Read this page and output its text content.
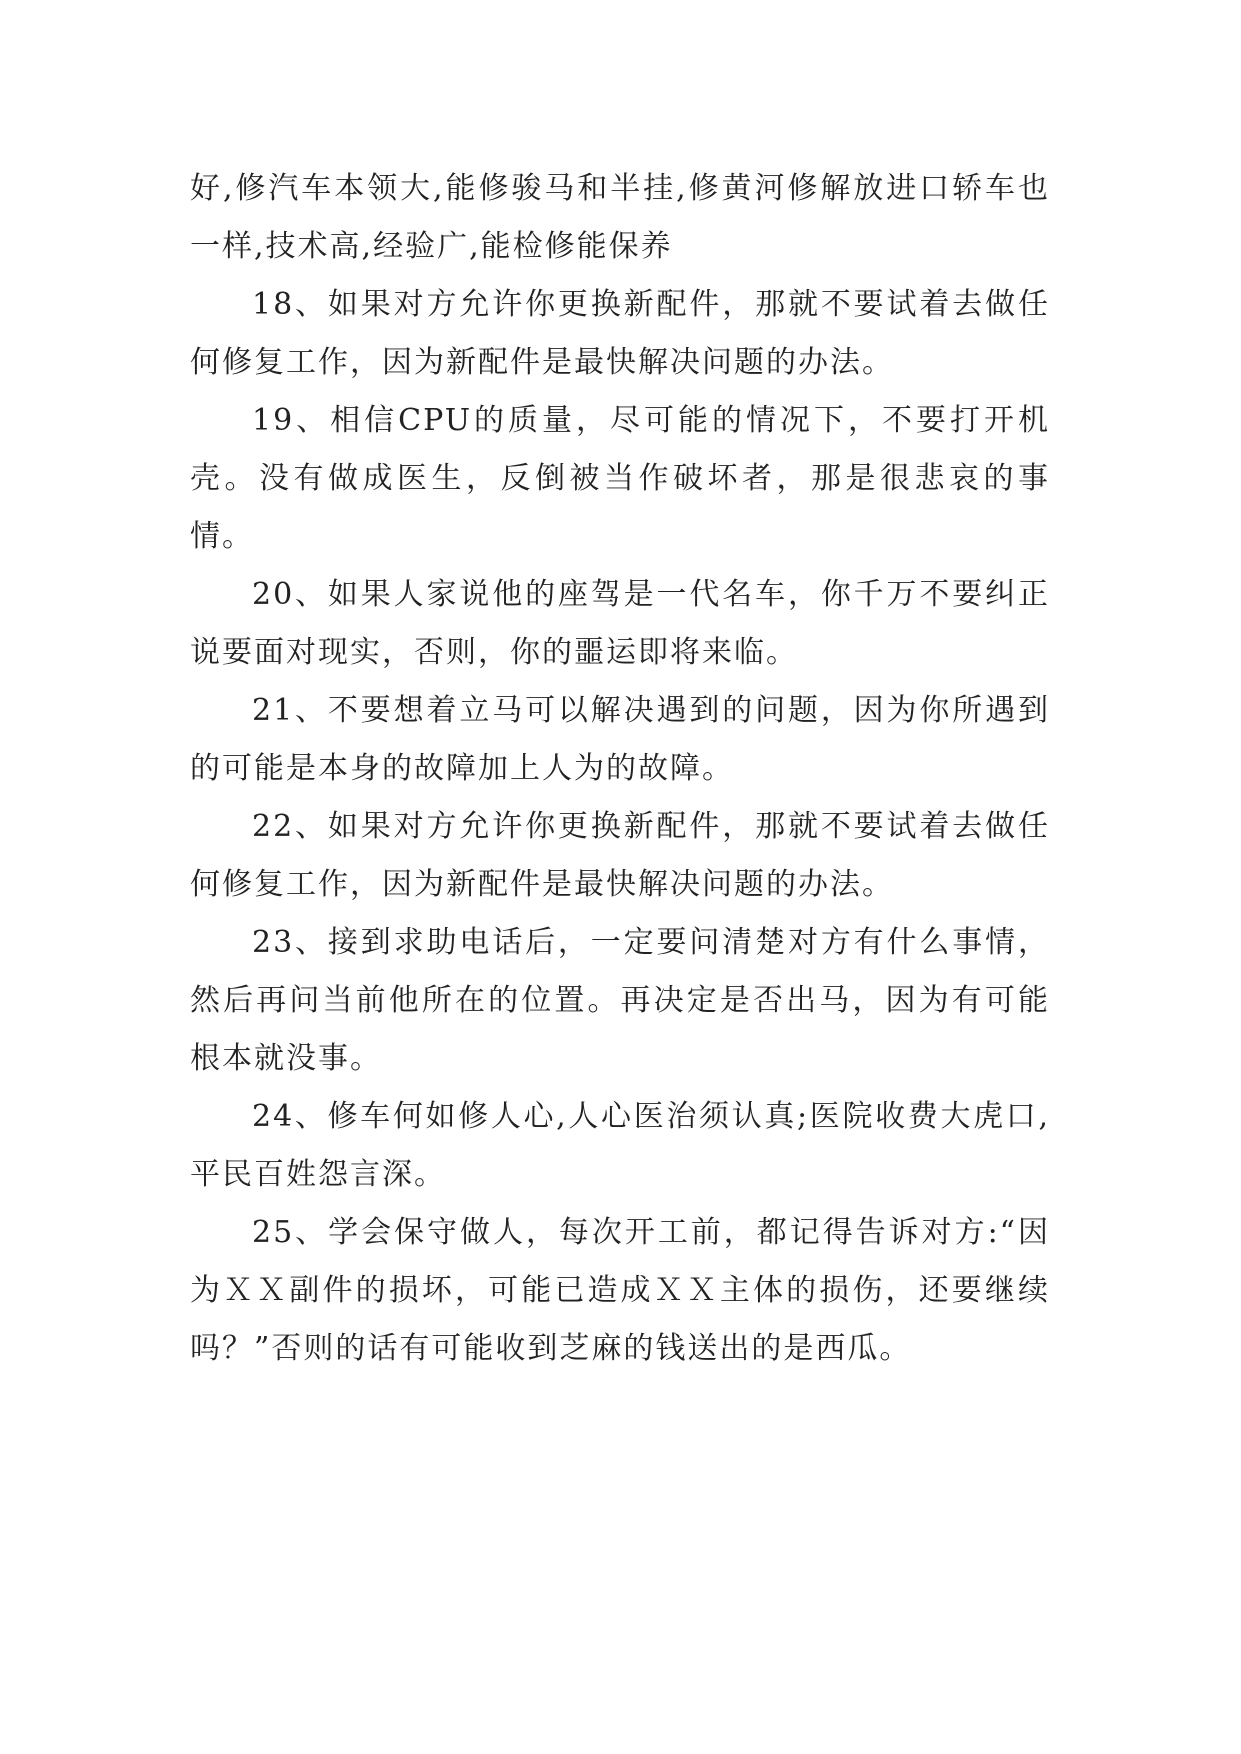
好,修汽车本领大,能修骏马和半挂,修黄河修解放进口轿车也一样,技术高,经验广,能检修能保养

18、如果对方允许你更换新配件，那就不要试着去做任何修复工作，因为新配件是最快解决问题的办法。

19、相信CPU的质量，尽可能的情况下，不要打开机壳。没有做成医生，反倒被当作破坏者，那是很悲哀的事情。

20、如果人家说他的座驾是一代名车，你千万不要纠正说要面对现实，否则，你的噩运即将来临。

21、不要想着立马可以解决遇到的问题，因为你所遇到的可能是本身的故障加上人为的故障。

22、如果对方允许你更换新配件，那就不要试着去做任何修复工作，因为新配件是最快解决问题的办法。

23、接到求助电话后，一定要问清楚对方有什么事情，然后再问当前他所在的位置。再决定是否出马，因为有可能根本就没事。

24、修车何如修人心,人心医治须认真;医院收费大虎口,平民百姓怨言深。

25、学会保守做人，每次开工前，都记得告诉对方:“因为ＸＸ副件的损坏，可能已造成ＸＸ主体的损伤，还要继续吗？”否则的话有可能收到芝麻的钱送出的是西瓜。
